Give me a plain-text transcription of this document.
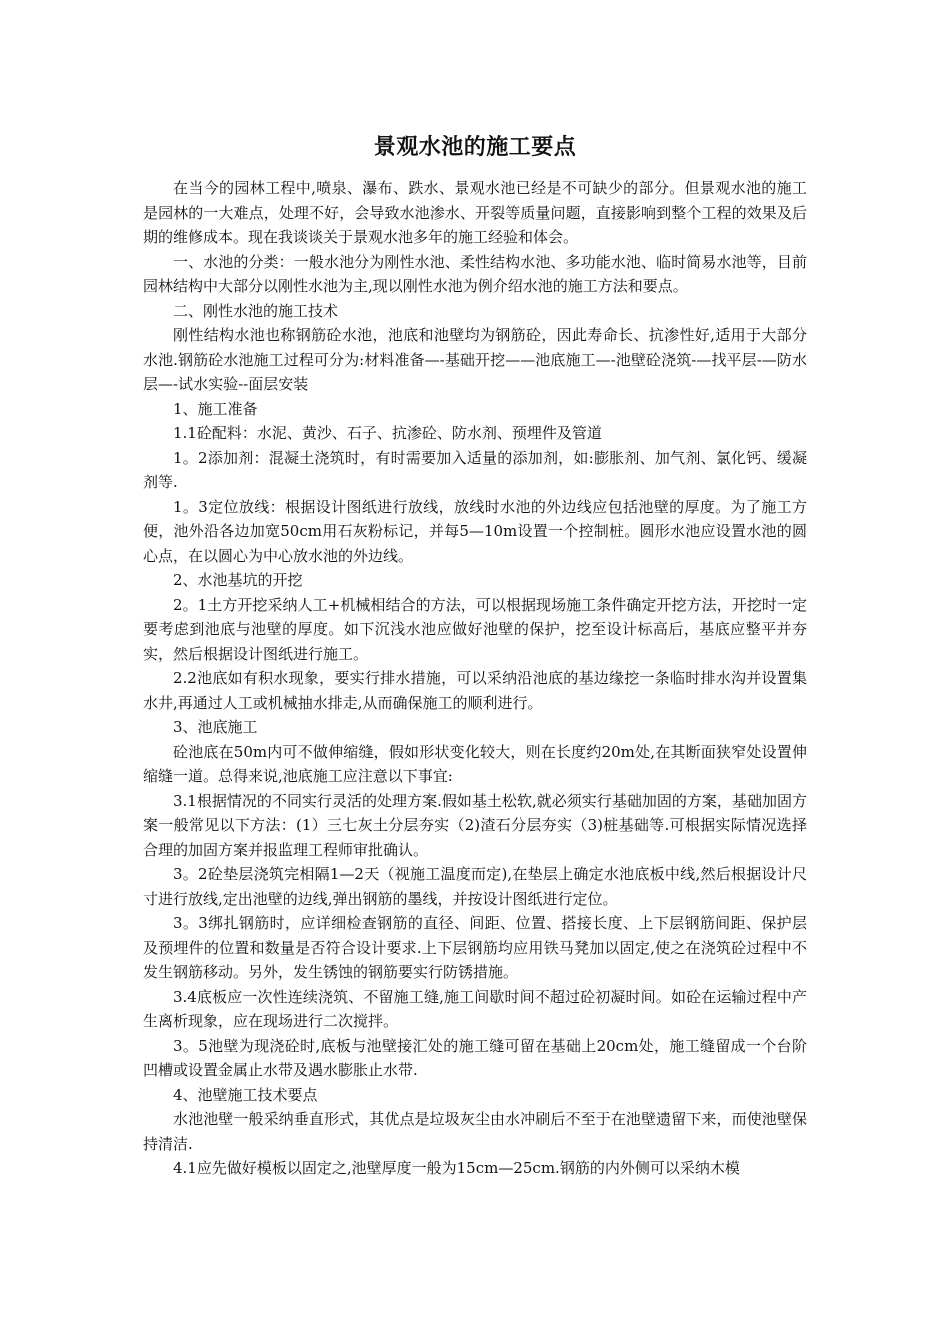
景观水池的施工要点

在当今的园林工程中,喷泉、瀑布、跌水、景观水池已经是不可缺少的部分。但景观水池的施工是园林的一大难点，处理不好，会导致水池渗水、开裂等质量问题，直接影响到整个工程的效果及后期的维修成本。现在我谈谈关于景观水池多年的施工经验和体会。

一、水池的分类：一般水池分为刚性水池、柔性结构水池、多功能水池、临时简易水池等，目前园林结构中大部分以刚性水池为主,现以刚性水池为例介绍水池的施工方法和要点。

二、刚性水池的施工技术

刚性结构水池也称钢筋砼水池，池底和池壁均为钢筋砼，因此寿命长、抗渗性好,适用于大部分水池.钢筋砼水池施工过程可分为:材料准备—-基础开挖——池底施工—-池壁砼浇筑-—找平层-—防水层—-试水实验--面层安装

1、施工准备

1.1砼配料：水泥、黄沙、石子、抗渗砼、防水剂、预埋件及管道

1。2添加剂：混凝土浇筑时，有时需要加入适量的添加剂，如:膨胀剂、加气剂、氯化钙、缓凝剂等.

1。3定位放线：根据设计图纸进行放线，放线时水池的外边线应包括池壁的厚度。为了施工方便，池外沿各边加宽50cm用石灰粉标记，并每5—10m设置一个控制桩。圆形水池应设置水池的圆心点，在以圆心为中心放水池的外边线。

2、水池基坑的开挖

2。1土方开挖采纳人工+机械相结合的方法，可以根据现场施工条件确定开挖方法，开挖时一定要考虑到池底与池壁的厚度。如下沉浅水池应做好池壁的保护，挖至设计标高后，基底应整平并夯实，然后根据设计图纸进行施工。

2.2池底如有积水现象，要实行排水措施，可以采纳沿池底的基边缘挖一条临时排水沟并设置集水井,再通过人工或机械抽水排走,从而确保施工的顺利进行。

3、池底施工

砼池底在50m内可不做伸缩缝，假如形状变化较大，则在长度约20m处,在其断面狭窄处设置伸缩缝一道。总得来说,池底施工应注意以下事宜:

3.1根据情况的不同实行灵活的处理方案.假如基土松软,就必须实行基础加固的方案，基础加固方案一般常见以下方法：(1）三七灰土分层夯实（2)渣石分层夯实（3)桩基础等.可根据实际情况选择合理的加固方案并报监理工程师审批确认。

3。2砼垫层浇筑完相隔1—2天（视施工温度而定),在垫层上确定水池底板中线,然后根据设计尺寸进行放线,定出池壁的边线,弹出钢筋的墨线，并按设计图纸进行定位。

3。3绑扎钢筋时，应详细检查钢筋的直径、间距、位置、搭接长度、上下层钢筋间距、保护层及预埋件的位置和数量是否符合设计要求.上下层钢筋均应用铁马凳加以固定,使之在浇筑砼过程中不发生钢筋移动。另外，发生锈蚀的钢筋要实行防锈措施。

3.4底板应一次性连续浇筑、不留施工缝,施工间歇时间不超过砼初凝时间。如砼在运输过程中产生离析现象，应在现场进行二次搅拌。

3。5池壁为现浇砼时,底板与池壁接汇处的施工缝可留在基础上20cm处，施工缝留成一个台阶凹槽或设置金属止水带及遇水膨胀止水带.

4、池壁施工技术要点

水池池壁一般采纳垂直形式，其优点是垃圾灰尘由水冲刷后不至于在池壁遗留下来，而使池壁保持清洁.

4.1应先做好模板以固定之,池壁厚度一般为15cm—25cm.钢筋的内外侧可以采纳木模
